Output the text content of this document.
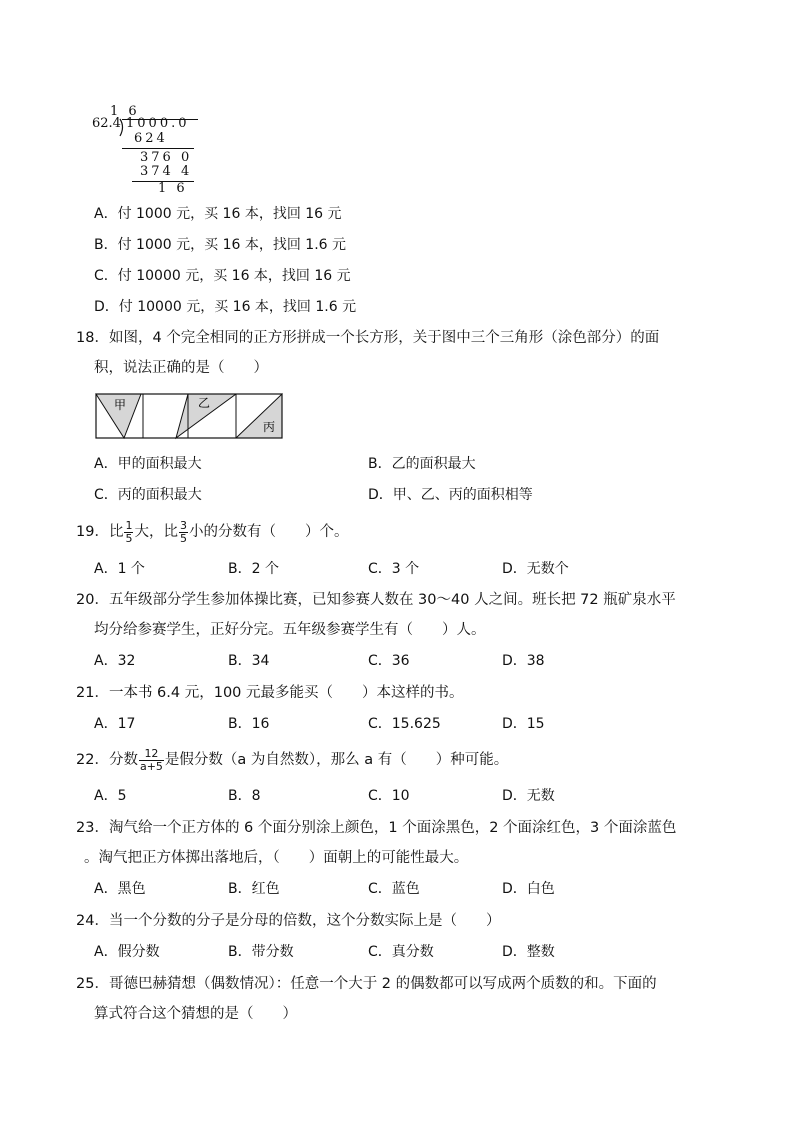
1 6
62.4 1000.0
624
376 0
374 4
1 6
A．付 1000 元，买 16 本，找回 16 元
B．付 1000 元，买 16 本，找回 1.6 元
C．付 10000 元，买 16 本，找回 16 元
D．付 10000 元，买 16 本，找回 1.6 元
18．如图，4 个完全相同的正方形拼成一个长方形，关于图中三个三角形（涂色部分）的面
积，说法正确的是（　　）
甲	乙
丙
A．甲的面积最大	B．乙的面积最大
C．丙的面积最大	D．甲、乙、丙的面积相等
19．比 $\frac{1}{5}$ 大，比 $\frac{3}{5}$ 小的分数有（　　）个。
A．1 个	B．2 个	C．3 个	D．无数个
20．五年级部分学生参加体操比赛，已知参赛人数在 30～40 人之间。班长把 72 瓶矿泉水平
均分给参赛学生，正好分完。五年级参赛学生有（　　）人。
A．32	B．34	C．36	D．38
21．一本书 6.4 元，100 元最多能买（　　）本这样的书。
A．17	B．16	C．15.625	D．15
22．分数 $\frac{12}{a+5}$ 是假分数（a 为自然数），那么 a 有（　　）种可能。
A．5	B．8	C．10	D．无数
23．淘气给一个正方体的 6 个面分别涂上颜色，1 个面涂黑色，2 个面涂红色，3 个面涂蓝色
。淘气把正方体掷出落地后，（　　）面朝上的可能性最大。
A．黑色	B．红色	C．蓝色	D．白色
24．当一个分数的分子是分母的倍数，这个分数实际上是（　　）
A．假分数	B．带分数	C．真分数	D．整数
25．哥德巴赫猜想（偶数情况）：任意一个大于 2 的偶数都可以写成两个质数的和。下面的
算式符合这个猜想的是（　　）
